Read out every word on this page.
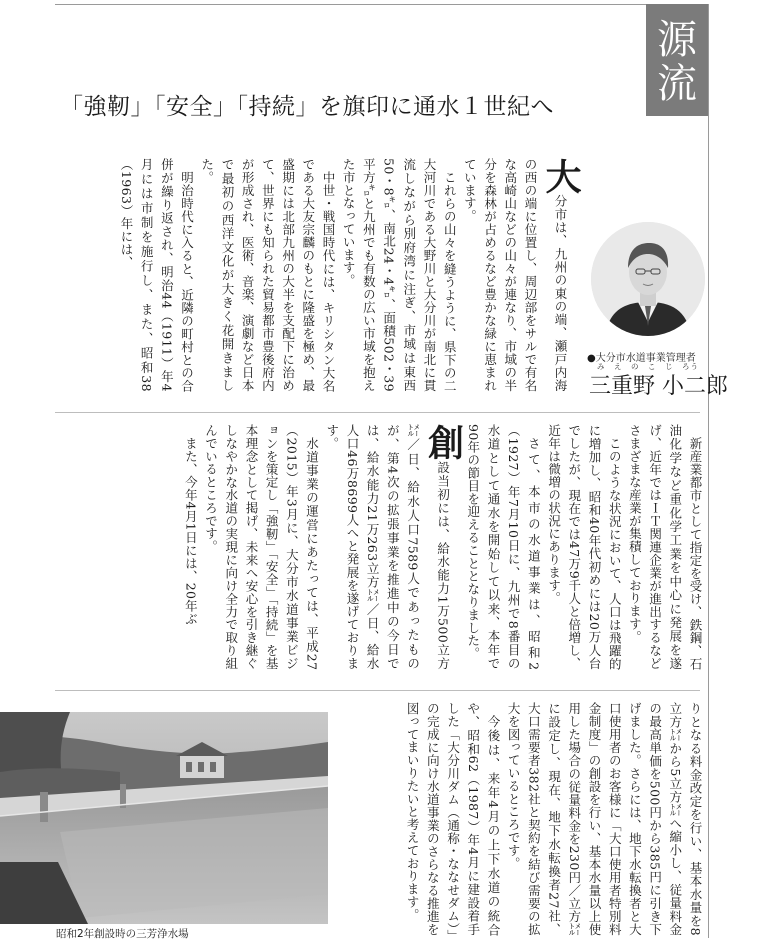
源
流
「強靭」「安全」「持続」を旗印に通水１世紀へ

大分市は、九州の東の端、瀬戸内海の西の端に位置し、周辺部をサルで有名な高崎山などの山々が連なり、市域の半分を森林が占めるなど豊かな緑に恵まれています。

これらの山々を縫うように、県下の二大河川である大野川と大分川が南北に貫流しながら別府湾に注ぎ、市域は東西50・8㌔、南北24・4㌔、面積502・39平方㌔と九州でも有数の広い市域を抱えた市となっています。

中世・戦国時代には、キリシタン大名である大友宗麟のもとに隆盛を極め、最盛期には北部九州の大半を支配下に治めて、世界にも知られた貿易都市豊後府内が形成され、医術、音楽、演劇など日本で最初の西洋文化が大きく花開きました。

明治時代に入ると、近隣の町村との合併が繰り返され、明治44（1911）年4月には市制を施行し、また、昭和38（1963）年には、

●大分市水道事業管理者
み　え　の　こ　じ　ろう
三重野 小二郎

新産業都市として指定を受け、鉄鋼、石油化学など重化学工業を中心に発展を遂げ、近年ではＩＴ関連企業が進出するなどさまざまな産業が集積しております。

このような状況において、人口は飛躍的に増加し、昭和40年代初めには20万人台でしたが、現在では47万9千人と倍増し、近年は微増の状況にあります。

さて、本市の水道事業は、昭和2（1927）年7月10日に、九州で8番目の水道として通水を開始して以来、本年で90年の節目を迎えることとなりました。

創設当初には、給水能力1万500立方㍍／日、給水人口7589人であったものが、第4次の拡張事業を推進中の今日では、給水能力21万263立方㍍／日、給水人口46万8699人へと発展を遂げております。

水道事業の運営にあたっては、平成27（2015）年3月に、大分市水道事業ビジョンを策定し「強靭」「安全」「持続」を基本理念として掲げ、未来へ安心を引き継ぐしなやかな水道の実現に向け全力で取り組んでいるところです。

また、今年4月1日には、20年ぶ

りとなる料金改定を行い、基本水量を8立方㍍から5立方㍍へ縮小し、従量料金の最高単価を500円から385円に引き下げました。さらには、地下水転換者と大口使用者のお客様に「大口使用者特別料金制度」の創設を行い、基本水量以上使用した場合の従量料金を230円／立方㍍に設定し、現在、地下水転換者27社、大口需要者382社と契約を結び需要の拡大を図っているところです。

今後は、来年4月の上下水道の統合や、昭和62（1987）年4月に建設着手した「大分川ダム（通称・ななせダム）」の完成に向け水道事業のさらなる推進を図ってまいりたいと考えております。

昭和2年創設時の三芳浄水場
